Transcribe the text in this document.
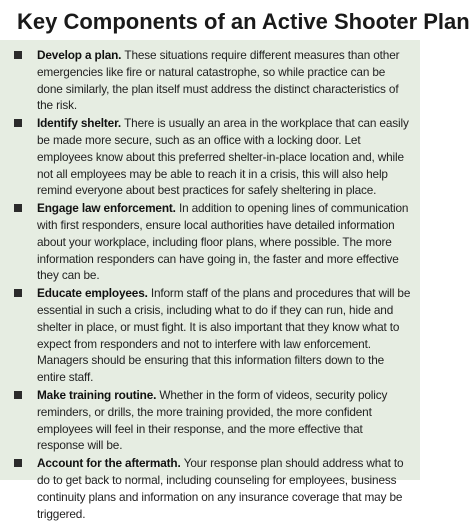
Key Components of an Active Shooter Plan
Develop a plan. These situations require different measures than other emergencies like fire or natural catastrophe, so while practice can be done similarly, the plan itself must address the distinct characteristics of the risk.
Identify shelter. There is usually an area in the workplace that can easily be made more secure, such as an office with a locking door. Let employees know about this preferred shelter-in-place location and, while not all employees may be able to reach it in a crisis, this will also help remind everyone about best practices for safely sheltering in place.
Engage law enforcement. In addition to opening lines of communication with first responders, ensure local authorities have detailed information about your workplace, including floor plans, where possible. The more information responders can have going in, the faster and more effective they can be.
Educate employees. Inform staff of the plans and procedures that will be essential in such a crisis, including what to do if they can run, hide and shelter in place, or must fight. It is also important that they know what to expect from responders and not to interfere with law enforcement. Managers should be ensuring that this information filters down to the entire staff.
Make training routine. Whether in the form of videos, security policy reminders, or drills, the more training provided, the more confident employees will feel in their response, and the more effective that response will be.
Account for the aftermath. Your response plan should address what to do to get back to normal, including counseling for employees, business continuity plans and information on any insurance coverage that may be triggered.
